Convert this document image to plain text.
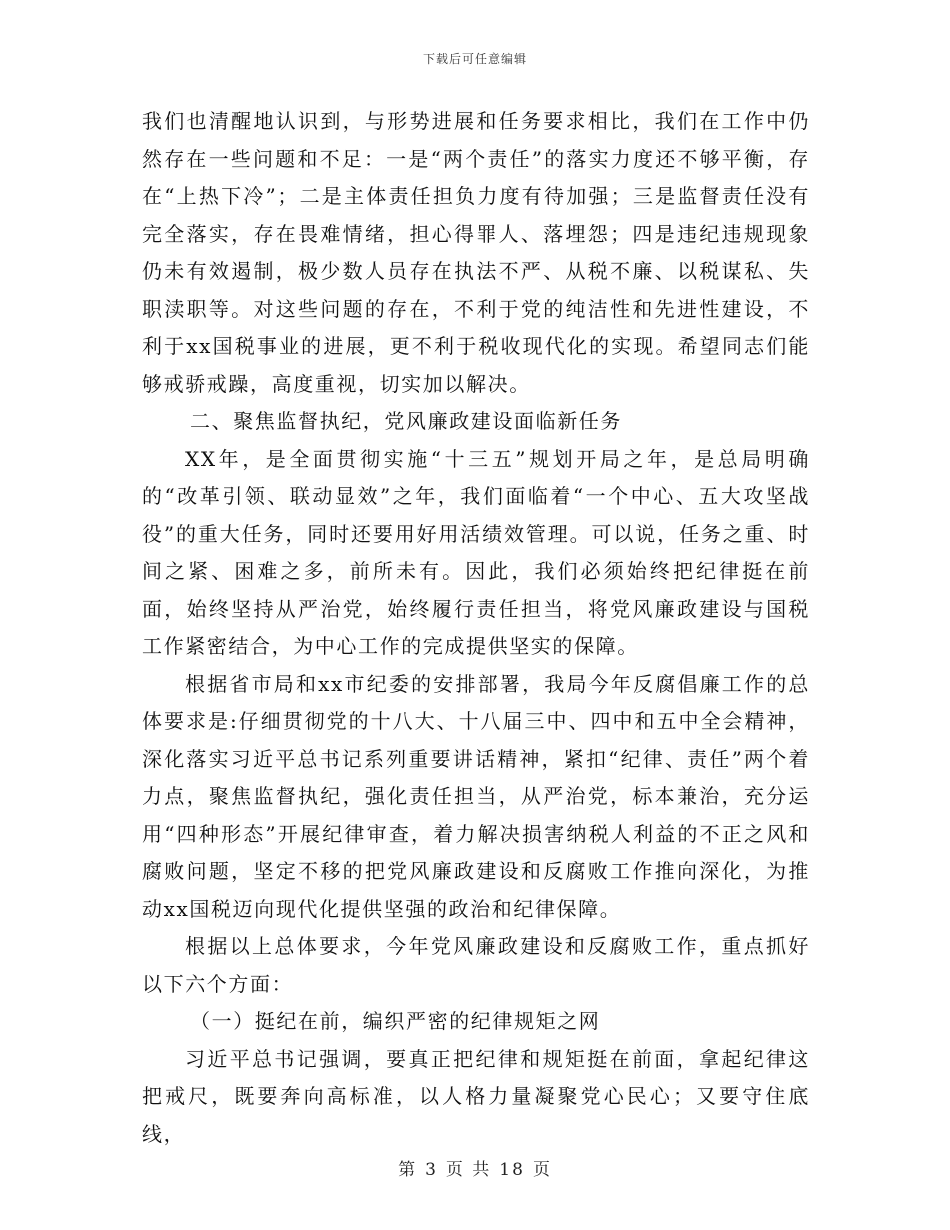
下载后可任意编辑

我们也清醒地认识到，与形势进展和任务要求相比，我们在工作中仍然存在一些问题和不足：一是“两个责任”的落实力度还不够平衡，存在“上热下冷”；二是主体责任担负力度有待加强；三是监督责任没有完全落实，存在畏难情绪，担心得罪人、落埋怨；四是违纪违规现象仍未有效遏制，极少数人员存在执法不严、从税不廉、以税谋私、失职渎职等。对这些问题的存在，不利于党的纯洁性和先进性建设，不利于xx国税事业的进展，更不利于税收现代化的实现。希望同志们能够戒骄戒躁，高度重视，切实加以解决。

二、聚焦监督执纪，党风廉政建设面临新任务

XX年，是全面贯彻实施“十三五”规划开局之年，是总局明确的“改革引领、联动显效”之年，我们面临着“一个中心、五大攻坚战役”的重大任务，同时还要用好用活绩效管理。可以说，任务之重、时间之紧、困难之多，前所未有。因此，我们必须始终把纪律挺在前面，始终坚持从严治党，始终履行责任担当，将党风廉政建设与国税工作紧密结合，为中心工作的完成提供坚实的保障。

根据省市局和xx市纪委的安排部署，我局今年反腐倡廉工作的总体要求是:仔细贯彻党的十八大、十八届三中、四中和五中全会精神，深化落实习近平总书记系列重要讲话精神，紧扣“纪律、责任”两个着力点，聚焦监督执纪，强化责任担当，从严治党，标本兼治，充分运用“四种形态”开展纪律审查，着力解决损害纳税人利益的不正之风和腐败问题，坚定不移的把党风廉政建设和反腐败工作推向深化，为推动xx国税迈向现代化提供坚强的政治和纪律保障。

根据以上总体要求，今年党风廉政建设和反腐败工作，重点抓好以下六个方面：

（一）挺纪在前，编织严密的纪律规矩之网

习近平总书记强调，要真正把纪律和规矩挺在前面，拿起纪律这把戒尺，既要奔向高标准，以人格力量凝聚党心民心；又要守住底线，

第 3 页 共 18 页
